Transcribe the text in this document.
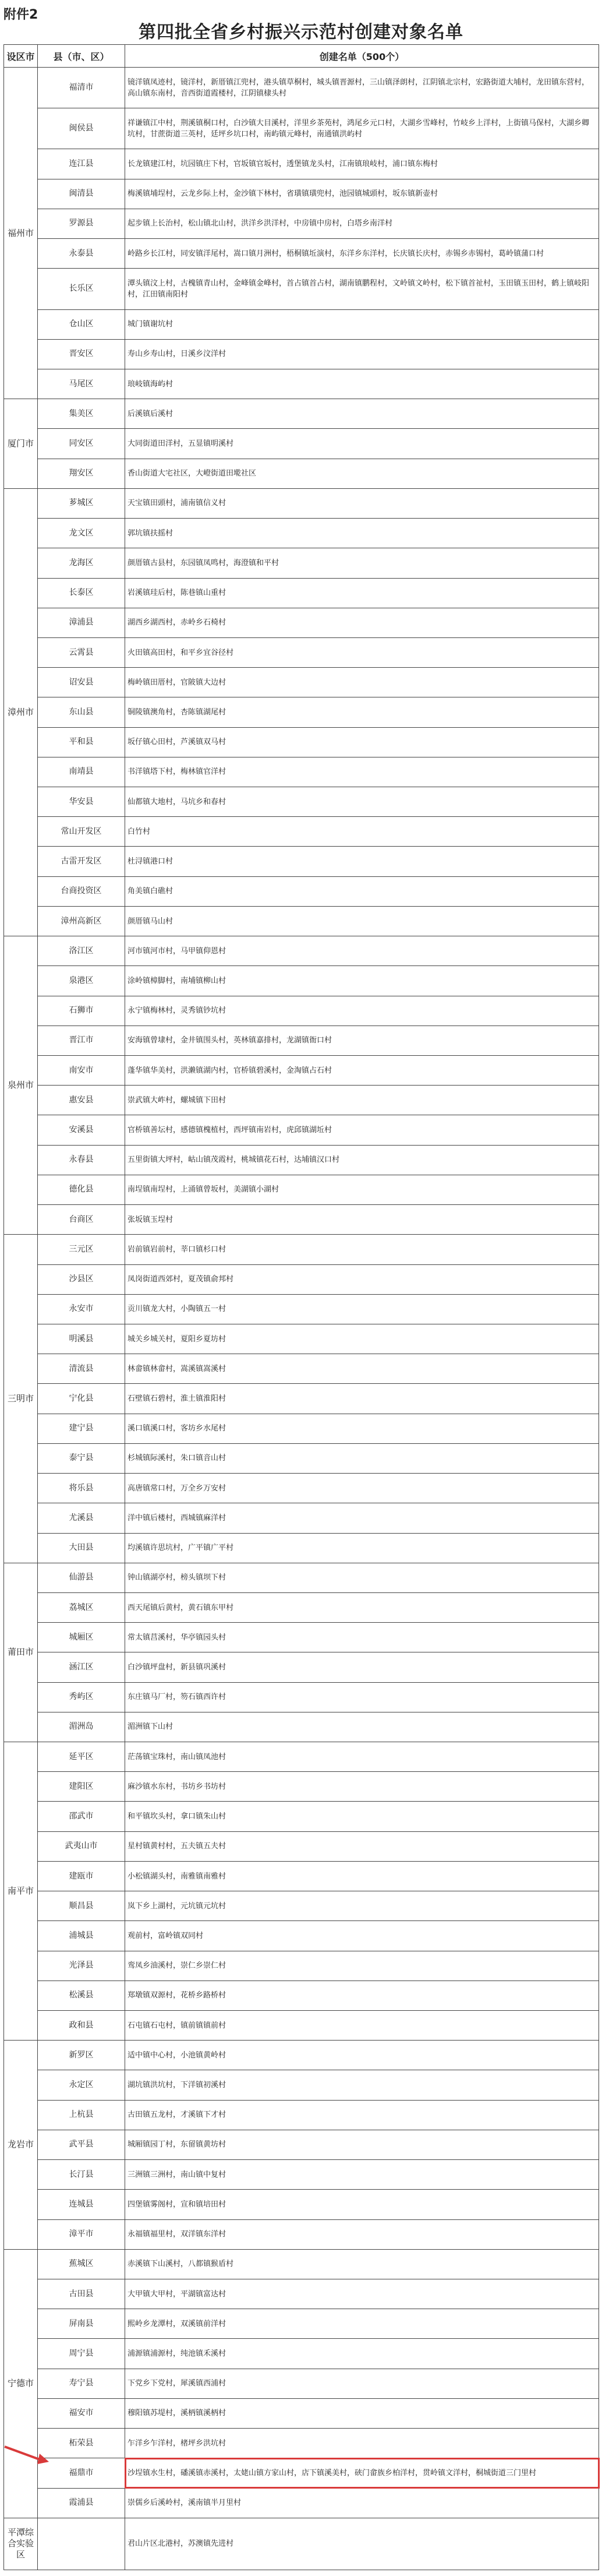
附件2
第四批全省乡村振兴示范村创建对象名单
设区市	县（市、区）	创建名单（500个）
福州市	福清市	镜洋镇凤迹村，镜洋村，新厝镇江兜村，港头镇草桐村，城头镇晋源村，三山镇泽朗村，江阴镇北宗村，宏路街道大埔村，龙田镇东营村，高山镇东南村，音西街道霞楼村，江阴镇棣头村
	闽侯县	祥谦镇江中村，荆溪镇桐口村，白沙镇大目溪村，洋里乡茶苑村，鸿尾乡元口村，大湖乡雪峰村，竹岐乡上洋村，上街镇马保村，大湖乡卿坑村，甘蔗街道三英村，廷坪乡坑口村，南屿镇元峰村，南通镇洪屿村
	连江县	长龙镇建江村，坑园镇庄下村，官坂镇官坂村，透堡镇龙头村，江南镇琅岐村，浦口镇东梅村
	闽清县	梅溪镇埔埕村，云龙乡际上村，金沙镇下林村，省璜镇璜兜村，池园镇城頭村，坂东镇新壶村
	罗源县	起步镇上长治村，松山镇北山村，洪洋乡洪洋村，中房镇中房村，白塔乡南洋村
	永泰县	岭路乡长江村，同安镇洋尾村，嵩口镇月洲村，梧桐镇坵演村，东洋乡东洋村，长庆镇长庆村，赤锡乡赤锡村，葛岭镇蒲口村
	长乐区	潭头镇汶上村，古槐镇青山村，金峰镇金峰村，首占镇首占村，湖南镇鹏程村，文岭镇文岭村，松下镇首祉村，玉田镇玉田村，鹤上镇岐阳村，江田镇南阳村
	仓山区	城门镇谢坑村
	晋安区	寿山乡寿山村，日溪乡汶洋村
	马尾区	琅岐镇海屿村
厦门市	集美区	后溪镇后溪村
	同安区	大同街道田洋村，五显镇明溪村
	翔安区	香山街道大宅社区，大嶝街道田墘社区
漳州市	芗城区	天宝镇田頭村，浦南镇信义村
	龙文区	郭坑镇扶摇村
	龙海区	颜厝镇古县村，东园镇凤鸣村，海澄镇和平村
	长泰区	岩溪镇珪后村，陈巷镇山重村
	漳浦县	湖西乡湖西村，赤岭乡石椅村
	云霄县	火田镇高田村，和平乡宜谷径村
	诏安县	梅岭镇田厝村，官陂镇大边村
	东山县	铜陵镇澳角村，杏陈镇湖尾村
	平和县	坂仔镇心田村，芦溪镇双马村
	南靖县	书洋镇塔下村，梅林镇官洋村
	华安县	仙都镇大地村，马坑乡和春村
	常山开发区	白竹村
	古雷开发区	杜浔镇港口村
	台商投资区	角美镇白礁村
	漳州高新区	颜厝镇马山村
泉州市	洛江区	河市镇河市村，马甲镇仰恩村
	泉港区	涂岭镇樟脚村，南埔镇柳山村
	石狮市	永宁镇梅林村，灵秀镇钞坑村
	晋江市	安海镇曾埭村，金井镇围头村，英林镇嘉排村，龙湖镇衙口村
	南安市	蓬华镇华美村，洪濑镇湖内村，官桥镇碧溪村，金淘镇占石村
	惠安县	崇武镇大岞村，螺城镇下田村
	安溪县	官桥镇善坛村，感德镇槐植村，西坪镇南岩村，虎邱镇湖坵村
	永春县	五里街镇大坪村，岵山镇茂霞村，桃城镇花石村，达埔镇汉口村
	德化县	南埕镇南埕村，上涌镇曾坂村，美湖镇小湖村
	台商区	张坂镇玉埕村
三明市	三元区	岩前镇岩前村，莘口镇杉口村
	沙县区	凤岗街道西郊村，夏茂镇俞邦村
	永安市	贡川镇龙大村，小陶镇五一村
	明溪县	城关乡城关村，夏阳乡夏坊村
	清流县	林畲镇林畲村，嵩溪镇嵩溪村
	宁化县	石壁镇石碧村，淮土镇淮阳村
	建宁县	溪口镇溪口村，客坊乡水尾村
	泰宁县	杉城镇际溪村，朱口镇音山村
	将乐县	高唐镇常口村，万全乡万安村
	尤溪县	洋中镇后楼村，西城镇麻洋村
	大田县	均溪镇许思坑村，广平镇广平村
莆田市	仙游县	钟山镇湖亭村，榜头镇坝下村
	荔城区	西天尾镇后黄村，黄石镇东甲村
	城厢区	常太镇莒溪村，华亭镇园头村
	涵江区	白沙镇坪盘村，新县镇巩溪村
	秀屿区	东庄镇马厂村，笏石镇西许村
	湄洲岛	湄洲镇下山村
南平市	延平区	茫荡镇宝珠村，南山镇凤池村
	建阳区	麻沙镇水东村，书坊乡书坊村
	邵武市	和平镇坎头村，拿口镇朱山村
	武夷山市	星村镇黄村村，五夫镇五夫村
	建瓯市	小松镇湖头村，南雅镇南雅村
	顺昌县	岚下乡上湖村，元坑镇元坑村
	浦城县	观前村，富岭镇双同村
	光泽县	鸾凤乡油溪村，崇仁乡崇仁村
	松溪县	郑墩镇双源村，花桥乡路桥村
	政和县	石屯镇石屯村，镇前镇镇前村
龙岩市	新罗区	适中镇中心村，小池镇黄岭村
	永定区	湖坑镇洪坑村，下洋镇初溪村
	上杭县	古田镇五龙村，才溪镇下才村
	武平县	城厢镇园丁村，东留镇黄坊村
	长汀县	三洲镇三洲村，南山镇中复村
	连城县	四堡镇雾阁村，宣和镇培田村
	漳平市	永福镇福里村，双洋镇东洋村
宁德市	蕉城区	赤溪镇下山溪村，八都镇猴盾村
	古田县	大甲镇大甲村，平湖镇富达村
	屏南县	熙岭乡龙潭村，双溪镇前洋村
	周宁县	浦源镇浦源村，纯池镇禾溪村
	寿宁县	下党乡下党村，犀溪镇西浦村
	福安市	穆阳镇苏堤村，溪柄镇溪柄村
	柘荣县	乍洋乡乍洋村，楮坪乡洪坑村
	福鼎市	沙埕镇水生村，磻溪镇赤溪村，太姥山镇方家山村，店下镇溪美村，硖门畲族乡柏洋村，贯岭镇文洋村，桐城街道三门里村
	霞浦县	崇儒乡后溪岭村，溪南镇半月里村
平潭综合实验区		君山片区北港村，苏澳镇先进村
